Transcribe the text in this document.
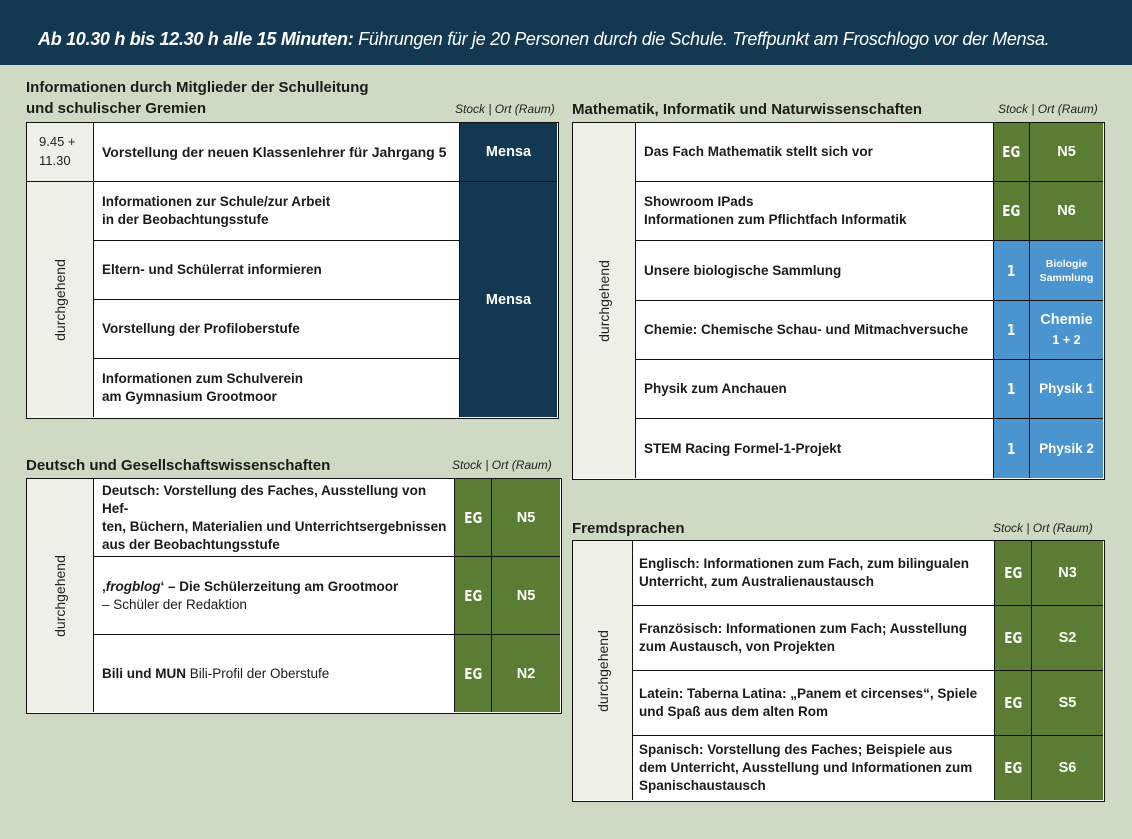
Ab 10.30 h bis 12.30 h alle 15 Minuten: Führungen für je 20 Personen durch die Schule. Treffpunkt am Froschlogo vor der Mensa.
Informationen durch Mitglieder der Schulleitung
und schulischer Gremien	Stock | Ort (Raum)
9.45 +
11.30
Vorstellung der neuen Klassenlehrer für Jahrgang 5	Mensa
durchgehend
Informationen zur Schule/zur Arbeit
in der Beobachtungsstufe
Eltern- und Schülerrat informieren
Vorstellung der Profiloberstufe
Informationen zum Schulverein
am Gymnasium Grootmoor
Mensa
Deutsch und Gesellschaftswissenschaften	Stock | Ort (Raum)
durchgehend
Deutsch: Vorstellung des Faches, Ausstellung von Hef-
ten, Büchern, Materialien und Unterrichtsergebnissen
aus der Beobachtungsstufe
EG N5
‚frogblog‘ – Die Schülerzeitung am Grootmoor
– Schüler der Redaktion	EG N5
Bili und MUN Bili-Profil der Oberstufe	EG N2
Mathematik, Informatik und Naturwissenschaften	Stock | Ort (Raum)
durchgehend
Das Fach Mathematik stellt sich vor	EG	N5
Showroom IPads
Informationen zum Pflichtfach Informatik	EG	N6
Unsere biologische Sammlung	1	Biologie
Sammlung
Chemie: Chemische Schau- und Mitmachversuche	1
Chemie
1 + 2
Physik zum Anchauen	1 Physik 1
STEM Racing Formel-1-Projekt	1 Physik 2
Fremdsprachen	Stock | Ort (Raum)
durchgehend
Englisch: Informationen zum Fach, zum bilingualen
Unterricht, zum Australienaustausch	EG N3
Französisch: Informationen zum Fach; Ausstellung
zum Austausch, von Projekten	EG	S2
Latein: Taberna Latina: „Panem et circenses“, Spiele
und Spaß aus dem alten Rom	EG	S5
Spanisch: Vorstellung des Faches; Beispiele aus
dem Unterricht, Ausstellung und Informationen zum
Spanischaustausch
EG	S6
